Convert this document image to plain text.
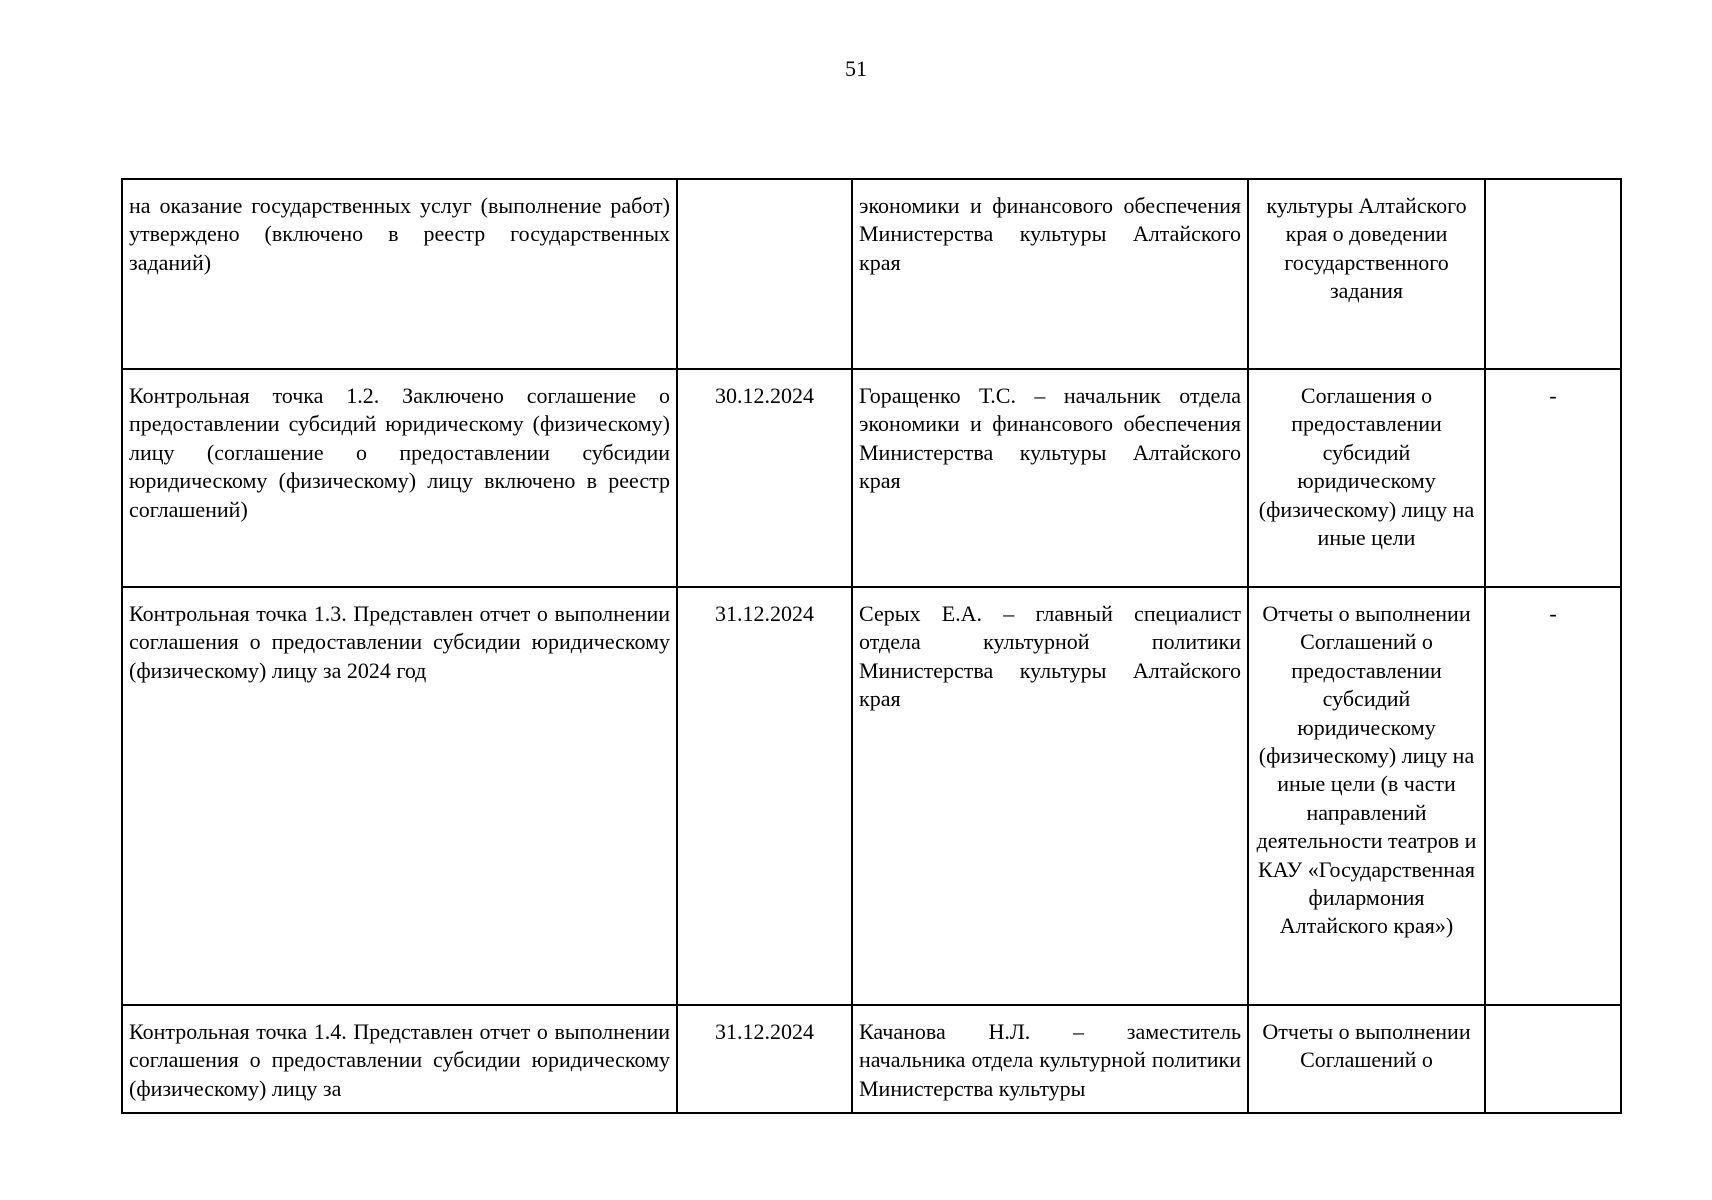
51
на оказание государственных услуг (выполнение работ) утверждено (включено в реестр государственных заданий)		экономики и финансового обеспечения Министерства культуры Алтайского края	культуры Алтайского края о доведении государственного задания	

Контрольная точка 1.2. Заключено соглашение о предоставлении субсидий юридическому (физическому) лицу (соглашение о предоставлении субсидии юридическому (физическому) лицу включено в реестр соглашений)	30.12.2024	Горащенко Т.С. – начальник отдела экономики и финансового обеспечения Министерства культуры Алтайского края	Соглашения о предоставлении субсидий юридическому (физическому) лицу на иные цели	-

Контрольная точка 1.3. Представлен отчет о выполнении соглашения о предоставлении субсидии юридическому (физическому) лицу за 2024 год	31.12.2024	Серых Е.А. – главный специалист отдела культурной политики Министерства культуры Алтайского края	Отчеты о выполнении Соглашений о предоставлении субсидий юридическому (физическому) лицу на иные цели (в части направлений деятельности театров и КАУ «Государственная филармония Алтайского края»)	-

Контрольная точка 1.4. Представлен отчет о выполнении соглашения о предоставлении субсидии юридическому (физическому) лицу за	31.12.2024	Качанова Н.Л. – заместитель начальника отдела культурной политики Министерства культуры	Отчеты о выполнении Соглашений о	
